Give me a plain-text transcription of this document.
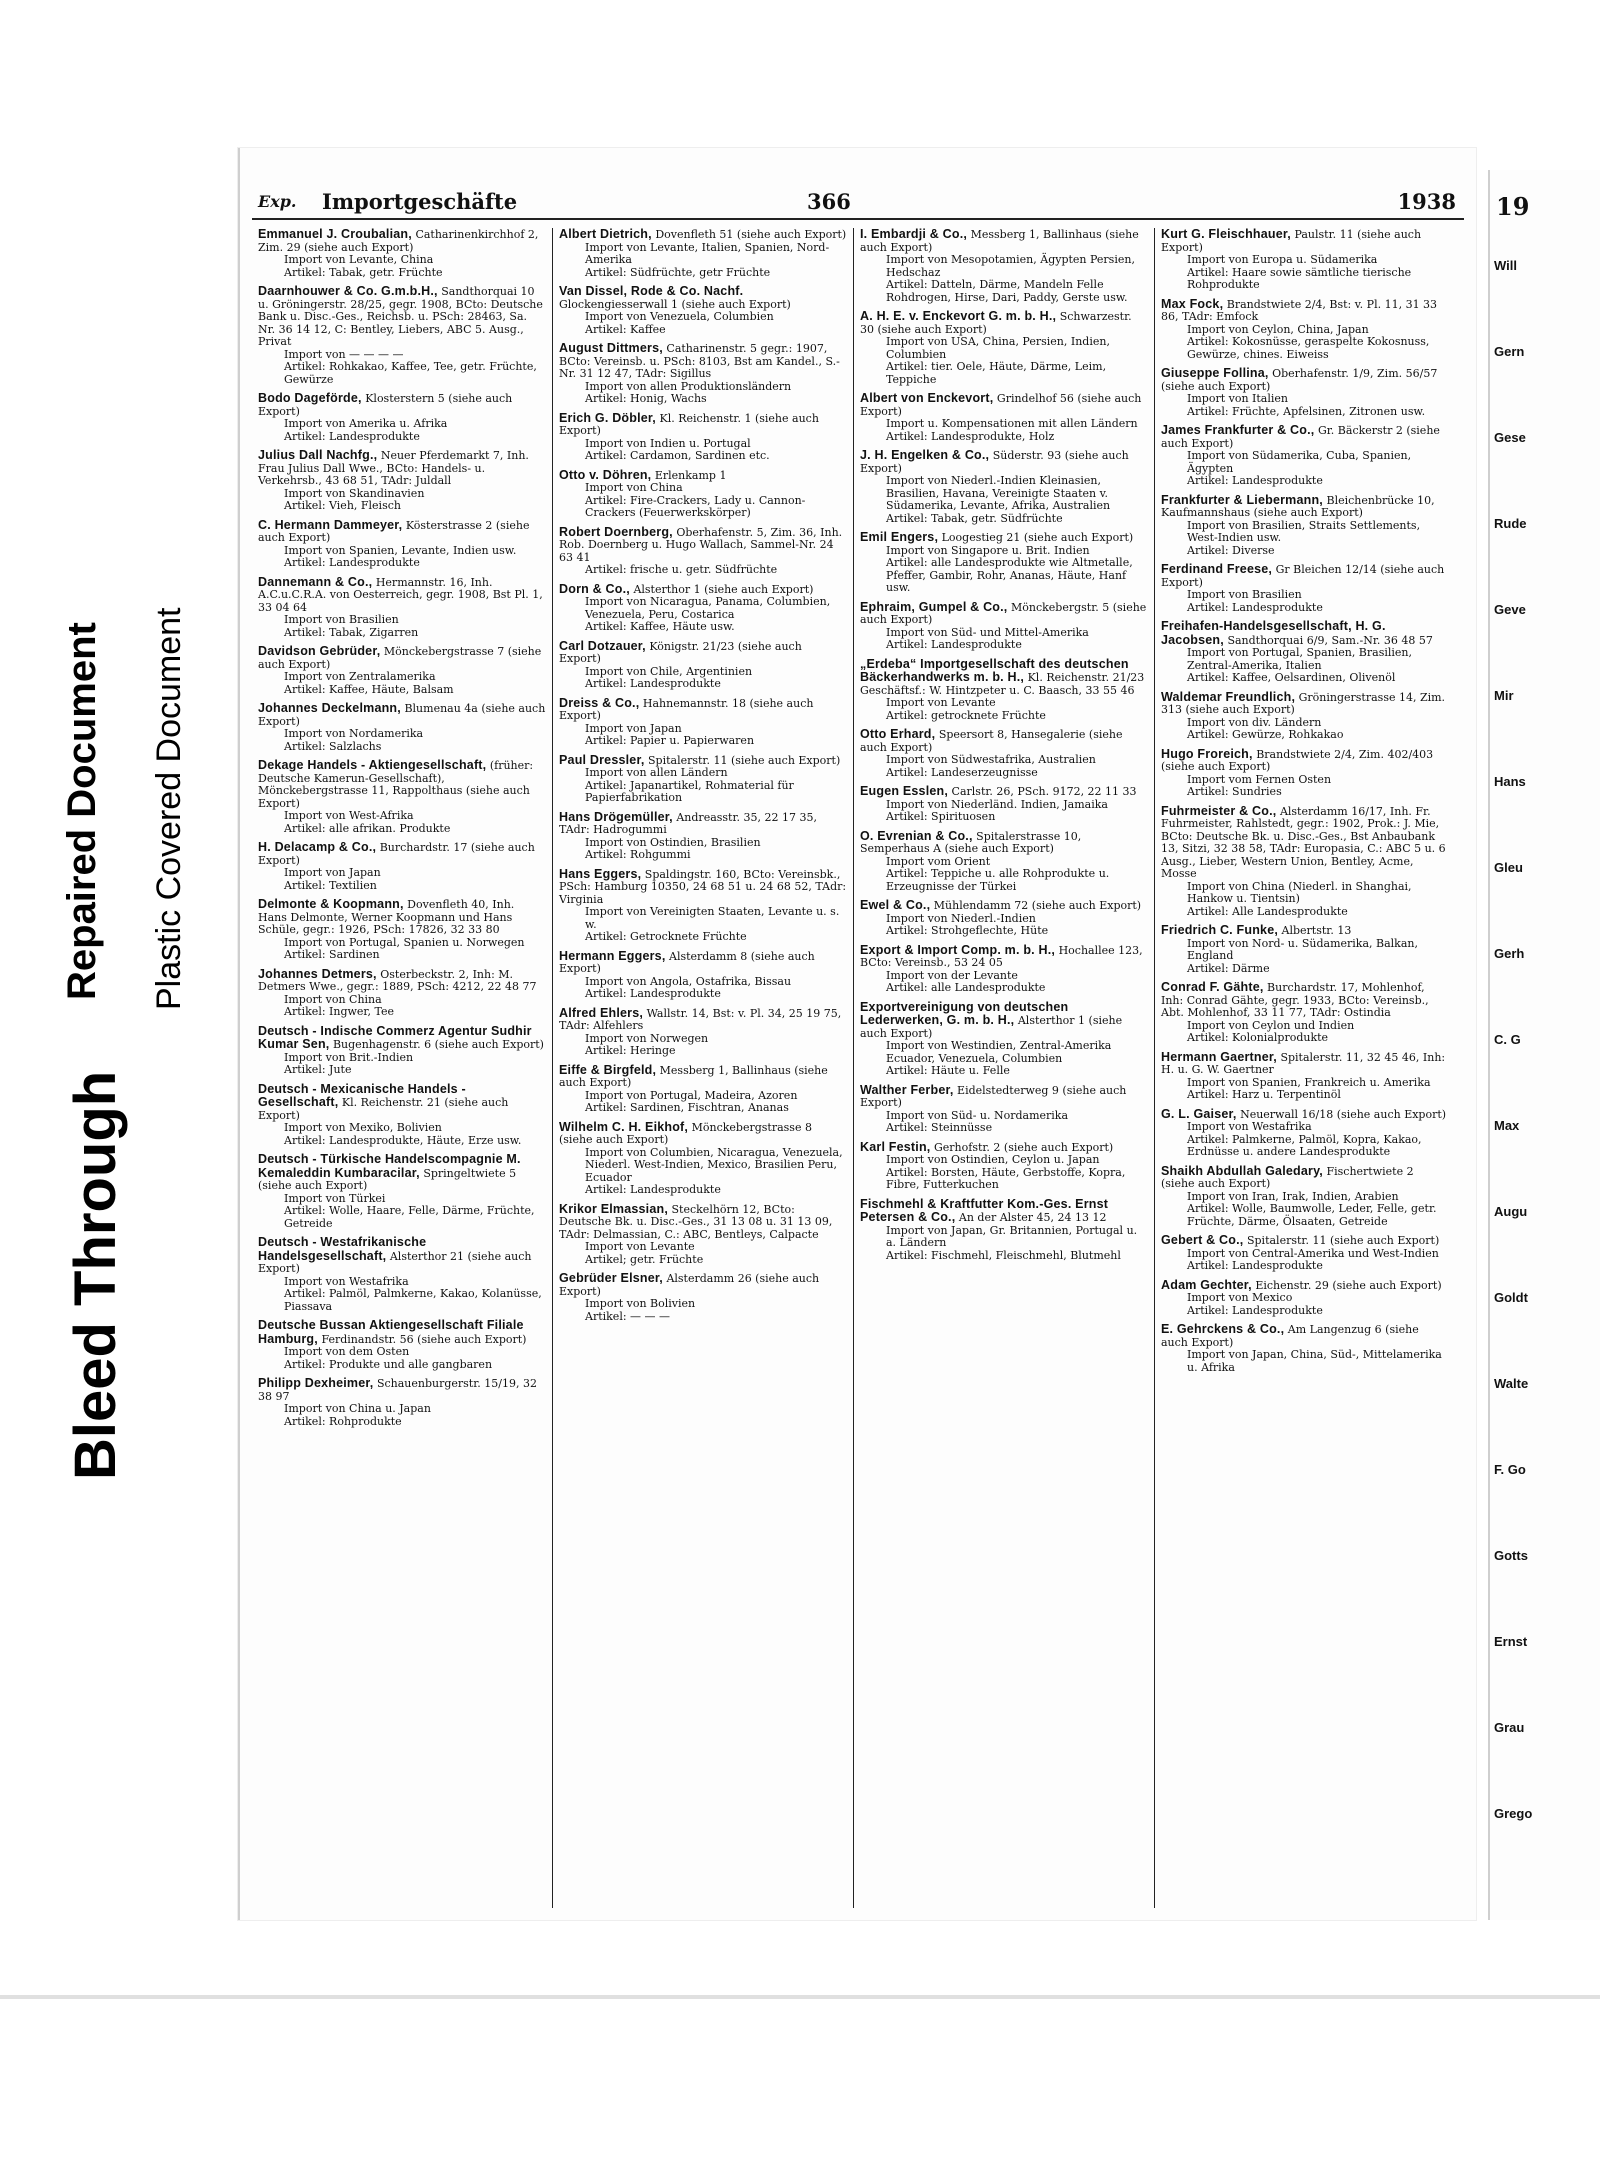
Bleed Through
Plastic Covered Document
Repaired Document
Exp. Importgeschäfte	366	1938
Emmanuel J. Croubalian, Catharinenkirchhof 2, Zim. 29 (siehe auch Export)
Import von Levante, China
Artikel: Tabak, getr. Früchte
Daarnhouwer & Co. G.m.b.H., Sandthorquai 10 u. Gröningerstr. 28/25, gegr. 1908, BCto: Deutsche Bank u. Disc.-Ges., Reichsb. u. PSch: 28463, Sa. Nr. 36 14 12, C: Bentley, Liebers, ABC 5. Ausg., Privat
Import von — — — —
Artikel: Rohkakao, Kaffee, Tee, getr. Früchte, Gewürze
Bodo Dageförde, Klosterstern 5 (siehe auch Export)
Import von Amerika u. Afrika
Artikel: Landesprodukte
Julius Dall Nachfg., Neuer Pferdemarkt 7, Inh. Frau Julius Dall Wwe., BCto: Handels- u. Verkehrsb., 43 68 51, TAdr: Juldall
Import von Skandinavien
Artikel: Vieh, Fleisch
C. Hermann Dammeyer, Kösterstrasse 2 (siehe auch Export)
Import von Spanien, Levante, Indien usw.
Artikel: Landesprodukte
Dannemann & Co., Hermannstr. 16, Inh. A.C.u.C.R.A. von Oesterreich, gegr. 1908, Bst Pl. 1, 33 04 64
Import von Brasilien
Artikel: Tabak, Zigarren
Davidson Gebrüder, Mönckebergstrasse 7 (siehe auch Export)
Import von Zentralamerika
Artikel: Kaffee, Häute, Balsam
Johannes Deckelmann, Blumenau 4a (siehe auch Export)
Import von Nordamerika
Artikel: Salzlachs
Dekage Handels - Aktiengesellschaft, (früher: Deutsche Kamerun-Gesellschaft), Mönckebergstrasse 11, Rappolthaus (siehe auch Export)
Import von West-Afrika
Artikel: alle afrikan. Produkte
H. Delacamp & Co., Burchardstr. 17 (siehe auch Export)
Import von Japan
Artikel: Textilien
Delmonte & Koopmann, Dovenfleth 40, Inh. Hans Delmonte, Werner Koopmann und Hans Schüle, gegr.: 1926, PSch: 17826, 32 33 80
Import von Portugal, Spanien u. Norwegen
Artikel: Sardinen
Johannes Detmers, Osterbeckstr. 2, Inh: M. Detmers Wwe., gegr.: 1889, PSch: 4212, 22 48 77
Import von China
Artikel: Ingwer, Tee
Deutsch - Indische Commerz Agentur Sudhir Kumar Sen, Bugenhagenstr. 6 (siehe auch Export)
Import von Brit.-Indien
Artikel: Jute
Deutsch - Mexicanische Handels - Gesellschaft, Kl. Reichenstr. 21 (siehe auch Export)
Import von Mexiko, Bolivien
Artikel: Landesprodukte, Häute, Erze usw.
Deutsch - Türkische Handelscompagnie M. Kemaleddin Kumbaracilar, Springeltwiete 5 (siehe auch Export)
Import von Türkei
Artikel: Wolle, Haare, Felle, Därme, Früchte, Getreide
Deutsch - Westafrikanische Handelsgesellschaft, Alsterthor 21 (siehe auch Export)
Import von Westafrika
Artikel: Palmöl, Palmkerne, Kakao, Kolanüsse, Piassava
Deutsche Bussan Aktiengesellschaft Filiale Hamburg, Ferdinandstr. 56 (siehe auch Export)
Import von dem Osten
Artikel: Produkte und alle gangbaren
Philipp Dexheimer, Schauenburgerstr. 15/19, 32 38 97
Import von China u. Japan
Artikel: Rohprodukte
Albert Dietrich, Dovenfleth 51 (siehe auch Export)
Import von Levante, Italien, Spanien, Nord-Amerika
Artikel: Südfrüchte, getr Früchte
Van Dissel, Rode & Co. Nachf. Glockengiesserwall 1 (siehe auch Export)
Import von Venezuela, Columbien
Artikel: Kaffee
August Dittmers, Catharinenstr. 5 gegr.: 1907, BCto: Vereinsb. u. PSch: 8103, Bst am Kandel., S.-Nr. 31 12 47, TAdr: Sigillus
Import von allen Produktionsländern
Artikel: Honig, Wachs
Erich G. Döbler, Kl. Reichenstr. 1 (siehe auch Export)
Import von Indien u. Portugal
Artikel: Cardamon, Sardinen etc.
Otto v. Döhren, Erlenkamp 1
Import von China
Artikel: Fire-Crackers, Lady u. Cannon-Crackers (Feuerwerkskörper)
Robert Doernberg, Oberhafenstr. 5, Zim. 36, Inh. Rob. Doernberg u. Hugo Wallach, Sammel-Nr. 24 63 41
Artikel: frische u. getr. Südfrüchte
Dorn & Co., Alsterthor 1 (siehe auch Export)
Import von Nicaragua, Panama, Columbien, Venezuela, Peru, Costarica
Artikel: Kaffee, Häute usw.
Carl Dotzauer, Königstr. 21/23 (siehe auch Export)
Import von Chile, Argentinien
Artikel: Landesprodukte
Dreiss & Co., Hahnemannstr. 18 (siehe auch Export)
Import von Japan
Artikel: Papier u. Papierwaren
Paul Dressler, Spitalerstr. 11 (siehe auch Export)
Import von allen Ländern
Artikel: Japanartikel, Rohmaterial für Papierfabrikation
Hans Drögemüller, Andreasstr. 35, 22 17 35, TAdr: Hadrogummi
Import von Ostindien, Brasilien
Artikel: Rohgummi
Hans Eggers, Spaldingstr. 160, BCto: Vereinsbk., PSch: Hamburg 10350, 24 68 51 u. 24 68 52, TAdr: Virginia
Import von Vereinigten Staaten, Levante u. s. w.
Artikel: Getrocknete Früchte
Hermann Eggers, Alsterdamm 8 (siehe auch Export)
Import von Angola, Ostafrika, Bissau
Artikel: Landesprodukte
Alfred Ehlers, Wallstr. 14, Bst: v. Pl. 34, 25 19 75, TAdr: Alfehlers
Import von Norwegen
Artikel: Heringe
Eiffe & Birgfeld, Messberg 1, Ballinhaus (siehe auch Export)
Import von Portugal, Madeira, Azoren
Artikel: Sardinen, Fischtran, Ananas
Wilhelm C. H. Eikhof, Mönckebergstrasse 8 (siehe auch Export)
Import von Columbien, Nicaragua, Venezuela, Niederl. West-Indien, Mexico, Brasilien Peru, Ecuador
Artikel: Landesprodukte
Krikor Elmassian, Steckelhörn 12, BCto: Deutsche Bk. u. Disc.-Ges., 31 13 08 u. 31 13 09, TAdr: Delmassian, C.: ABC, Bentleys, Calpacte
Import von Levante
Artikel; getr. Früchte
Gebrüder Elsner, Alsterdamm 26 (siehe auch Export)
Import von Bolivien
Artikel: — — —
I. Embardji & Co., Messberg 1, Ballinhaus (siehe auch Export)
Import von Mesopotamien, Ägypten Persien, Hedschaz
Artikel: Datteln, Därme, Mandeln Felle Rohdrogen, Hirse, Dari, Paddy, Gerste usw.
A. H. E. v. Enckevort G. m. b. H., Schwarzestr. 30 (siehe auch Export)
Import von USA, China, Persien, Indien, Columbien
Artikel: tier. Oele, Häute, Därme, Leim, Teppiche
Albert von Enckevort, Grindelhof 56 (siehe auch Export)
Import u. Kompensationen mit allen Ländern
Artikel: Landesprodukte, Holz
J. H. Engelken & Co., Süderstr. 93 (siehe auch Export)
Import von Niederl.-Indien Kleinasien, Brasilien, Havana, Vereinigte Staaten v. Südamerika, Levante, Afrika, Australien
Artikel: Tabak, getr. Südfrüchte
Emil Engers, Loogestieg 21 (siehe auch Export)
Import von Singapore u. Brit. Indien
Artikel: alle Landesprodukte wie Altmetalle, Pfeffer, Gambir, Rohr, Ananas, Häute, Hanf usw.
Ephraim, Gumpel & Co., Mönckebergstr. 5 (siehe auch Export)
Import von Süd- und Mittel-Amerika
Artikel: Landesprodukte
„Erdeba“ Importgesellschaft des deutschen Bäckerhandwerks m. b. H., Kl. Reichenstr. 21/23 Geschäftsf.: W. Hintzpeter u. C. Baasch, 33 55 46
Import von Levante
Artikel: getrocknete Früchte
Otto Erhard, Speersort 8, Hansegalerie (siehe auch Export)
Import von Südwestafrika, Australien
Artikel: Landeserzeugnisse
Eugen Esslen, Carlstr. 26, PSch. 9172, 22 11 33
Import von Niederländ. Indien, Jamaika
Artikel: Spirituosen
O. Evrenian & Co., Spitalerstrasse 10, Semperhaus A (siehe auch Export)
Import vom Orient
Artikel: Teppiche u. alle Rohprodukte u. Erzeugnisse der Türkei
Ewel & Co., Mühlendamm 72 (siehe auch Export)
Import von Niederl.-Indien
Artikel: Strohgeflechte, Hüte
Export & Import Comp. m. b. H., Hochallee 123, BCto: Vereinsb., 53 24 05
Import von der Levante
Artikel: alle Landesprodukte
Exportvereinigung von deutschen Lederwerken, G. m. b. H., Alsterthor 1 (siehe auch Export)
Import von Westindien, Zentral-Amerika Ecuador, Venezuela, Columbien
Artikel: Häute u. Felle
Walther Ferber, Eidelstedterweg 9 (siehe auch Export)
Import von Süd- u. Nordamerika
Artikel: Steinnüsse
Karl Festin, Gerhofstr. 2 (siehe auch Export)
Import von Ostindien, Ceylon u. Japan
Artikel: Borsten, Häute, Gerbstoffe, Kopra, Fibre, Futterkuchen
Fischmehl & Kraftfutter Kom.-Ges. Ernst Petersen & Co., An der Alster 45, 24 13 12
Import von Japan, Gr. Britannien, Portugal u. a. Ländern
Artikel: Fischmehl, Fleischmehl, Blutmehl
Kurt G. Fleischhauer, Paulstr. 11 (siehe auch Export)
Import von Europa u. Südamerika
Artikel: Haare sowie sämtliche tierische Rohprodukte
Max Fock, Brandstwiete 2/4, Bst: v. Pl. 11, 31 33 86, TAdr: Emfock
Import von Ceylon, China, Japan
Artikel: Kokosnüsse, geraspelte Kokosnuss, Gewürze, chines. Eiweiss
Giuseppe Follina, Oberhafenstr. 1/9, Zim. 56/57 (siehe auch Export)
Import von Italien
Artikel: Früchte, Apfelsinen, Zitronen usw.
James Frankfurter & Co., Gr. Bäckerstr 2 (siehe auch Export)
Import von Südamerika, Cuba, Spanien, Ägypten
Artikel: Landesprodukte
Frankfurter & Liebermann, Bleichenbrücke 10, Kaufmannshaus (siehe auch Export)
Import von Brasilien, Straits Settlements, West-Indien usw.
Artikel: Diverse
Ferdinand Freese, Gr Bleichen 12/14 (siehe auch Export)
Import von Brasilien
Artikel: Landesprodukte
Freihafen-Handelsgesellschaft, H. G. Jacobsen, Sandthorquai 6/9, Sam.-Nr. 36 48 57
Import von Portugal, Spanien, Brasilien, Zentral-Amerika, Italien
Artikel: Kaffee, Oelsardinen, Olivenöl
Waldemar Freundlich, Gröningerstrasse 14, Zim. 313 (siehe auch Export)
Import von div. Ländern
Artikel: Gewürze, Rohkakao
Hugo Froreich, Brandstwiete 2/4, Zim. 402/403 (siehe auch Export)
Import vom Fernen Osten
Artikel: Sundries
Fuhrmeister & Co., Alsterdamm 16/17, Inh. Fr. Fuhrmeister, Rahlstedt, gegr.: 1902, Prok.: J. Mie, BCto: Deutsche Bk. u. Disc.-Ges., Bst Anbaubank 13, Sitzi, 32 38 58, TAdr: Europasia, C.: ABC 5 u. 6 Ausg., Lieber, Western Union, Bentley, Acme, Mosse
Import von China (Niederl. in Shanghai, Hankow u. Tientsin)
Artikel: Alle Landesprodukte
Friedrich C. Funke, Albertstr. 13
Import von Nord- u. Südamerika, Balkan, England
Artikel: Därme
Conrad F. Gähte, Burchardstr. 17, Mohlenhof, Inh: Conrad Gähte, gegr. 1933, BCto: Vereinsb., Abt. Mohlenhof, 33 11 77, TAdr: Ostindia
Import von Ceylon und Indien
Artikel: Kolonialprodukte
Hermann Gaertner, Spitalerstr. 11, 32 45 46, Inh: H. u. G. W. Gaertner
Import von Spanien, Frankreich u. Amerika
Artikel: Harz u. Terpentinöl
G. L. Gaiser, Neuerwall 16/18 (siehe auch Export)
Import von Westafrika
Artikel: Palmkerne, Palmöl, Kopra, Kakao, Erdnüsse u. andere Landesprodukte
Shaikh Abdullah Galedary, Fischertwiete 2 (siehe auch Export)
Import von Iran, Irak, Indien, Arabien
Artikel: Wolle, Baumwolle, Leder, Felle, getr. Früchte, Därme, Ölsaaten, Getreide
Gebert & Co., Spitalerstr. 11 (siehe auch Export)
Import von Central-Amerika und West-Indien
Artikel: Landesprodukte
Adam Gechter, Eichenstr. 29 (siehe auch Export)
Import von Mexico
Artikel: Landesprodukte
E. Gehrckens & Co., Am Langenzug 6 (siehe auch Export)
Import von Japan, China, Süd-, Mittelamerika u. Afrika
19
Will
Gern
Gese
Rude
Geve
Mir
Hans
Gleu
Gerh
C. G
Max
Augu
Goldt
Walte
F. Go
Gotts
Ernst
Grau
Grego
